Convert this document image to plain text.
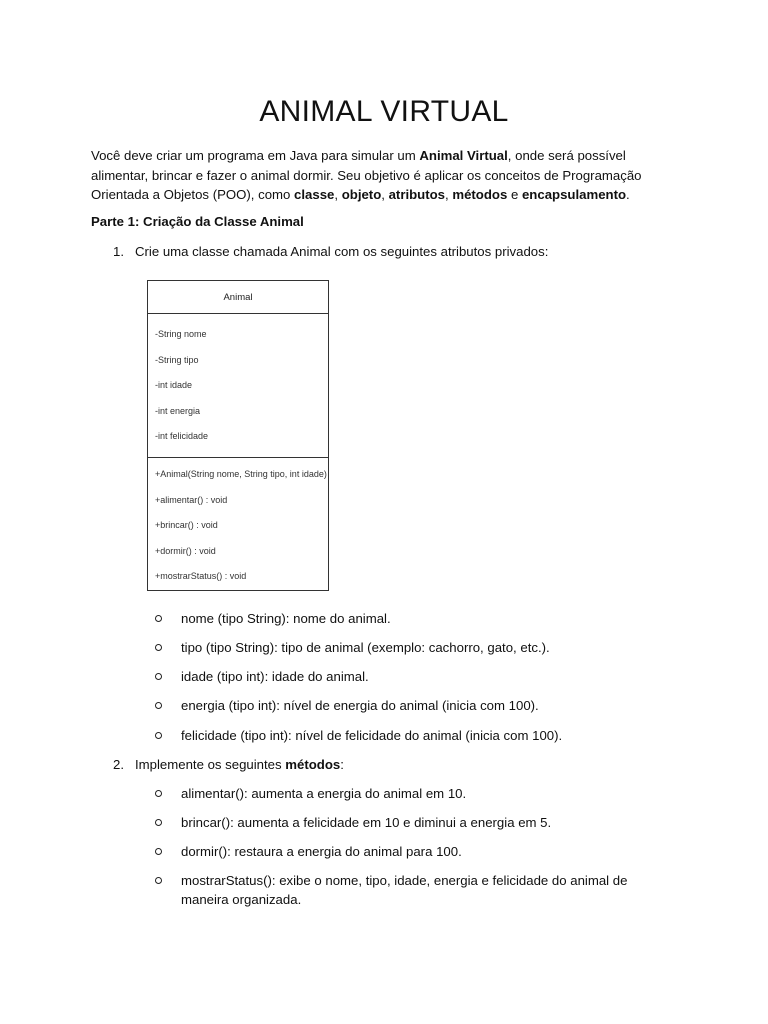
ANIMAL VIRTUAL

Você deve criar um programa em Java para simular um Animal Virtual, onde será possível alimentar, brincar e fazer o animal dormir. Seu objetivo é aplicar os conceitos de Programação Orientada a Objetos (POO), como classe, objeto, atributos, métodos e encapsulamento.

Parte 1: Criação da Classe Animal

1. Crie uma classe chamada Animal com os seguintes atributos privados:
Animal
-String nome
-String tipo
-int idade
-int energia
-int felicidade
+Animal(String nome, String tipo, int idade)
+alimentar() : void
+brincar() : void
+dormir() : void
+mostrarStatus() : void
nome (tipo String): nome do animal.
tipo (tipo String): tipo de animal (exemplo: cachorro, gato, etc.).
idade (tipo int): idade do animal.
energia (tipo int): nível de energia do animal (inicia com 100).
felicidade (tipo int): nível de felicidade do animal (inicia com 100).
2. Implemente os seguintes métodos:
alimentar(): aumenta a energia do animal em 10.
brincar(): aumenta a felicidade em 10 e diminui a energia em 5.
dormir(): restaura a energia do animal para 100.
mostrarStatus(): exibe o nome, tipo, idade, energia e felicidade do animal de maneira organizada.
